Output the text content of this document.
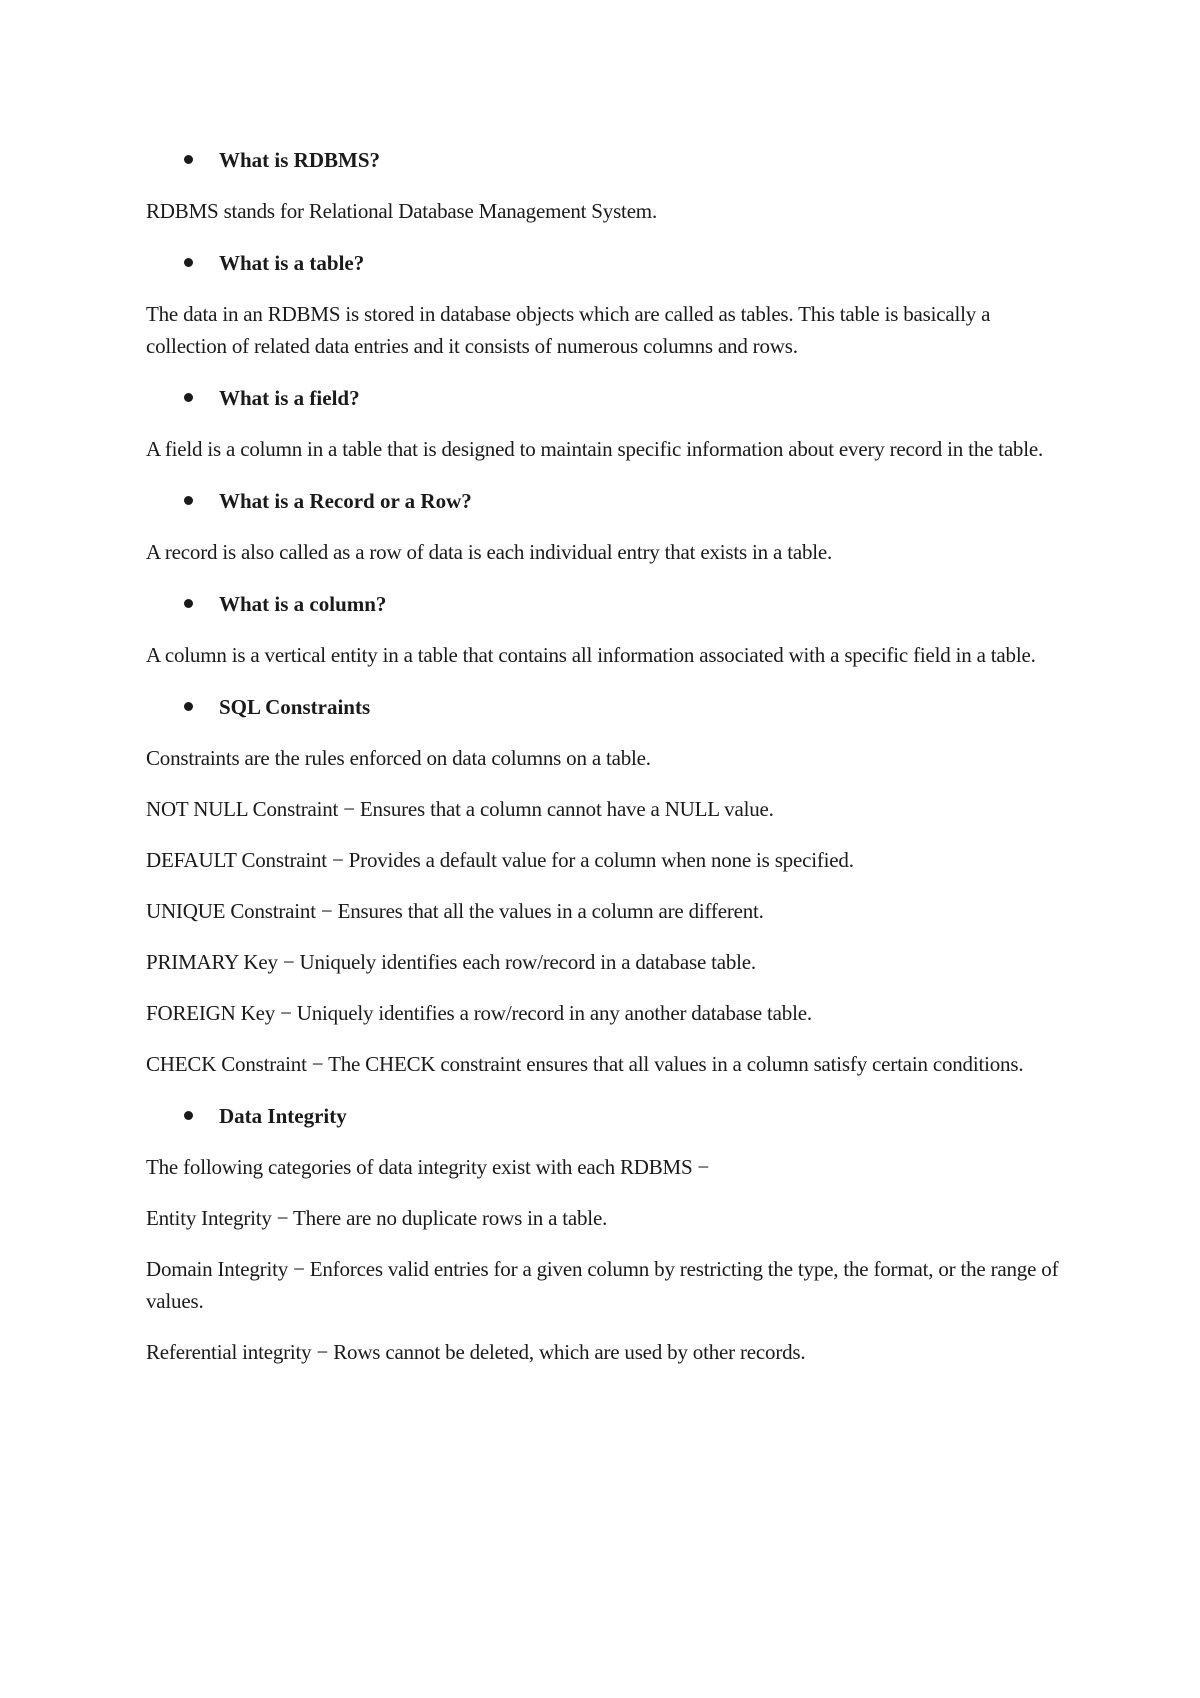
What is RDBMS?

RDBMS stands for Relational Database Management System.

What is a table?

The data in an RDBMS is stored in database objects which are called as tables. This table is basically a collection of related data entries and it consists of numerous columns and rows.

What is a field?

A field is a column in a table that is designed to maintain specific information about every record in the table.

What is a Record or a Row?

A record is also called as a row of data is each individual entry that exists in a table.

What is a column?

A column is a vertical entity in a table that contains all information associated with a specific field in a table.

SQL Constraints

Constraints are the rules enforced on data columns on a table.

NOT NULL Constraint − Ensures that a column cannot have a NULL value.

DEFAULT Constraint − Provides a default value for a column when none is specified.

UNIQUE Constraint − Ensures that all the values in a column are different.

PRIMARY Key − Uniquely identifies each row/record in a database table.

FOREIGN Key − Uniquely identifies a row/record in any another database table.

CHECK Constraint − The CHECK constraint ensures that all values in a column satisfy certain conditions.

Data Integrity

The following categories of data integrity exist with each RDBMS −

Entity Integrity − There are no duplicate rows in a table.

Domain Integrity − Enforces valid entries for a given column by restricting the type, the format, or the range of values.

Referential integrity − Rows cannot be deleted, which are used by other records.
